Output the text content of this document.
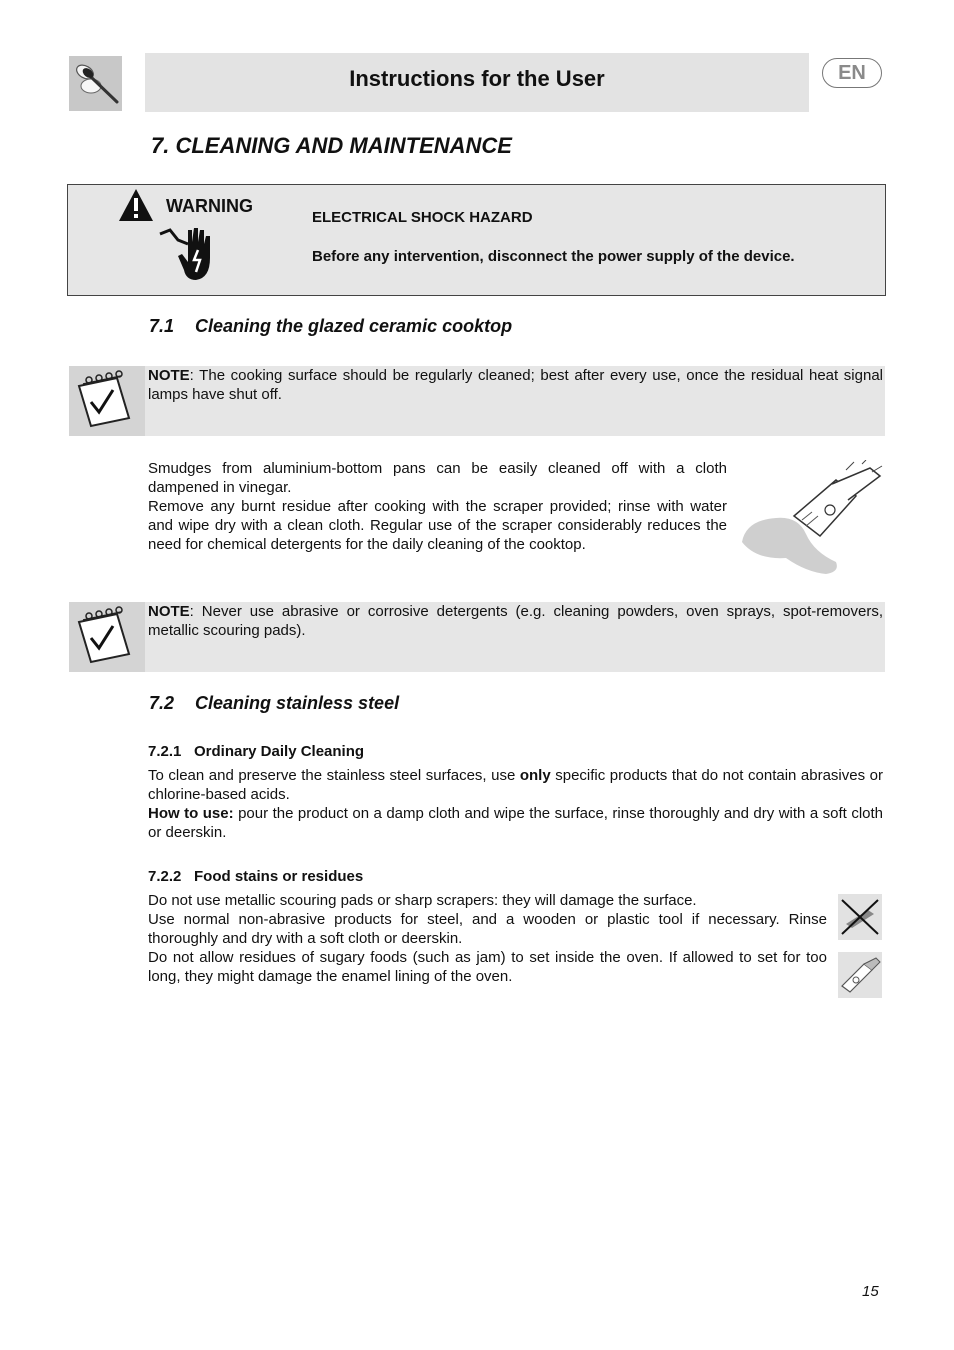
Instructions for the User	EN
7. CLEANING AND MAINTENANCE
WARNING
ELECTRICAL SHOCK HAZARD
Before any intervention, disconnect the power supply of the device.
7.1 Cleaning the glazed ceramic cooktop
NOTE: The cooking surface should be regularly cleaned; best after every use, once the residual heat signal lamps have shut off.
Smudges from aluminium-bottom pans can be easily cleaned off with a cloth dampened in vinegar.
Remove any burnt residue after cooking with the scraper provided; rinse with water and wipe dry with a clean cloth. Regular use of the scraper considerably reduces the need for chemical detergents for the daily cleaning of the cooktop.
NOTE: Never use abrasive or corrosive detergents (e.g. cleaning powders, oven sprays, spot-removers, metallic scouring pads).
7.2 Cleaning stainless steel
7.2.1 Ordinary Daily Cleaning
To clean and preserve the stainless steel surfaces, use only specific products that do not contain abrasives or chlorine-based acids.
How to use: pour the product on a damp cloth and wipe the surface, rinse thoroughly and dry with a soft cloth or deerskin.
7.2.2 Food stains or residues
Do not use metallic scouring pads or sharp scrapers: they will damage the surface.
Use normal non-abrasive products for steel, and a wooden or plastic tool if necessary. Rinse thoroughly and dry with a soft cloth or deerskin.
Do not allow residues of sugary foods (such as jam) to set inside the oven. If allowed to set for too long, they might damage the enamel lining of the oven.
15
